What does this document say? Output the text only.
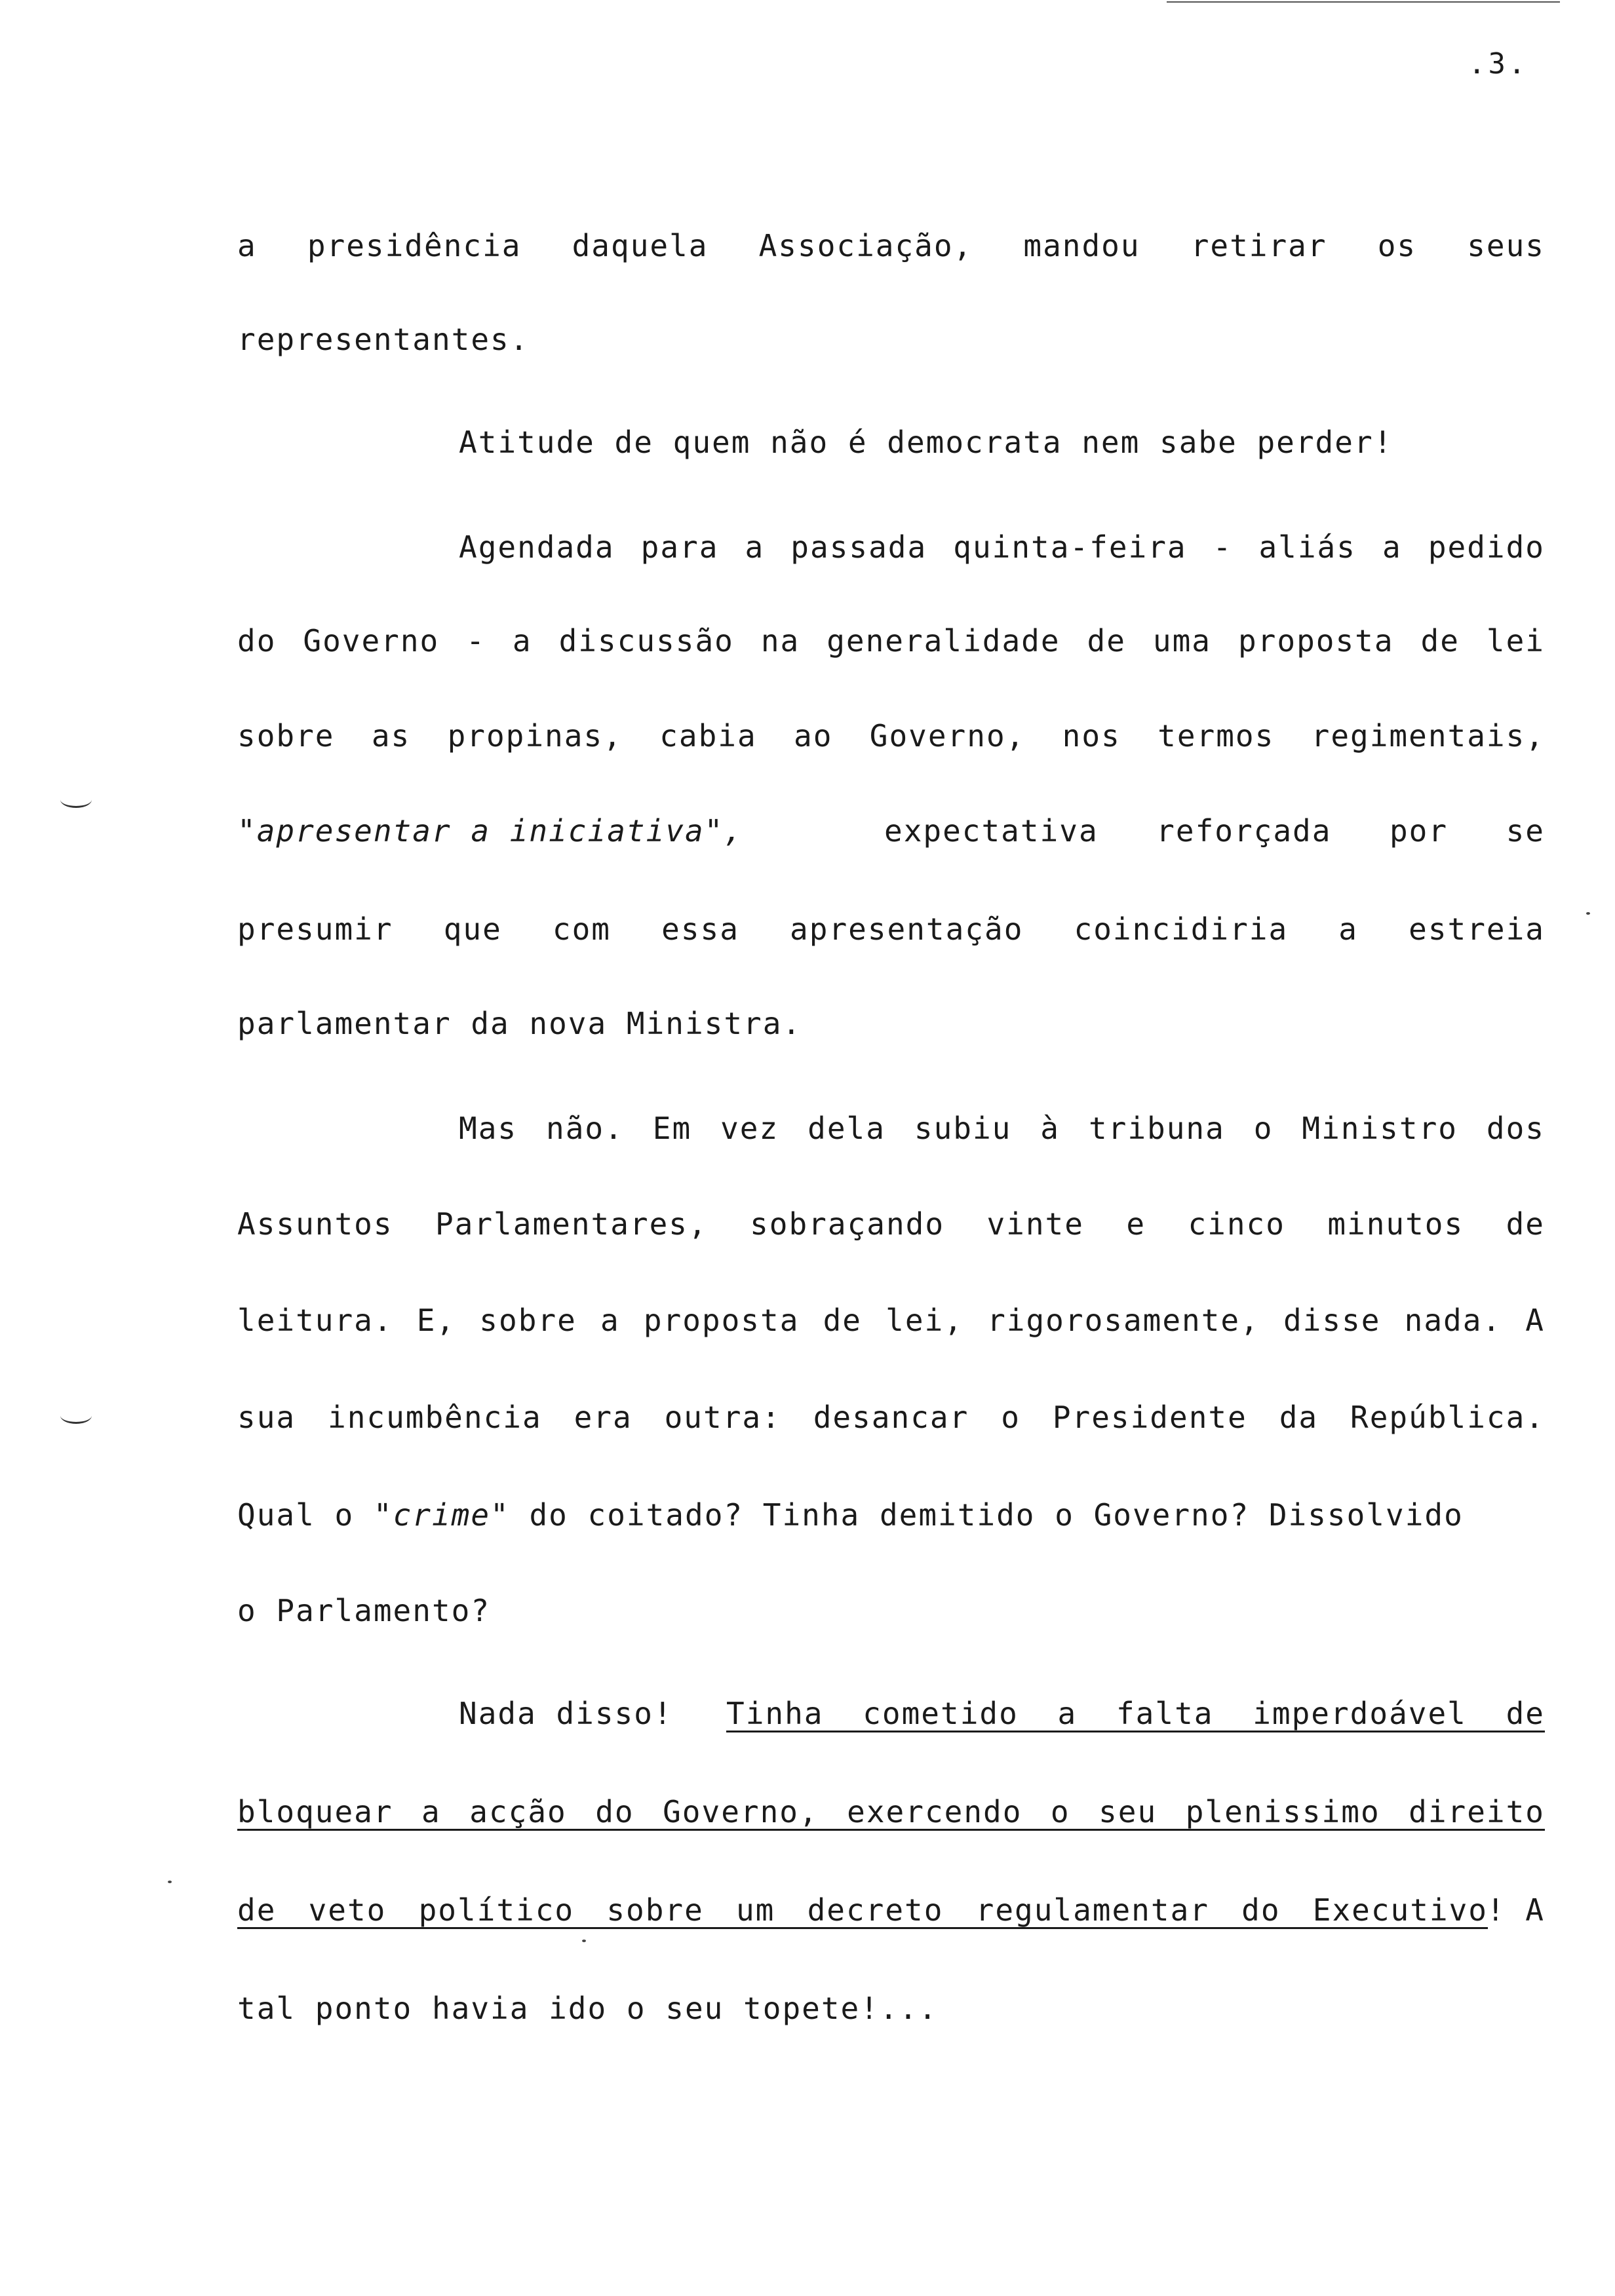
.3.
a presidência daquela Associação, mandou retirar os seus
representantes.
Atitude de quem não é democrata nem sabe perder!
Agendada para a passada quinta-feira - aliás a pedido
do Governo - a discussão na generalidade de uma proposta de lei
sobre as propinas, cabia ao Governo, nos termos regimentais,
"apresentar a iniciativa",	expectativa reforçada por se
presumir que com essa apresentação coincidiria a estreia
parlamentar da nova Ministra.
Mas não. Em vez dela subiu à tribuna o Ministro dos
Assuntos Parlamentares, sobraçando vinte e cinco minutos de
leitura. E, sobre a proposta de lei, rigorosamente, disse nada. A
sua incumbência era outra: desancar o Presidente da República.
Qual o "crime" do coitado? Tinha demitido o Governo? Dissolvido
o Parlamento?
Nada disso! Tinha cometido a falta imperdoável de
bloquear a acção do Governo, exercendo o seu plenissimo direito
de veto político sobre um decreto regulamentar do Executivo
! A
tal ponto havia ido o seu topete!...
